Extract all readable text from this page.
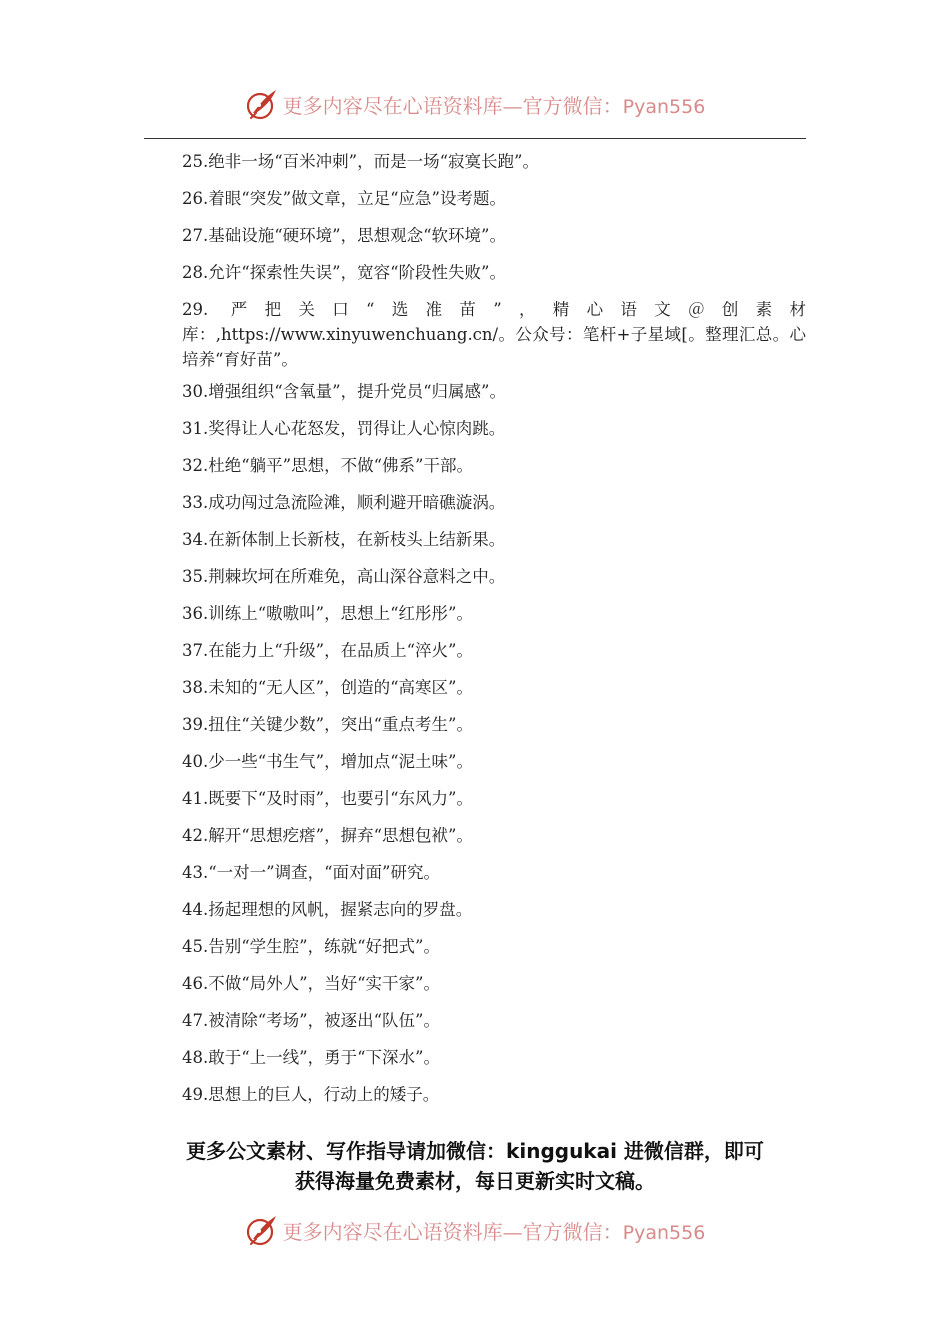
更多内容尽在心语资料库—官方微信：Pyan556
25.绝非一场“百米冲刺”，而是一场“寂寞长跑”。
26.着眼“突发”做文章，立足“应急”设考题。
27.基础设施“硬环境”，思想观念“软环境”。
28.允许“探索性失误”，宽容“阶段性失败”。
29. 严把关口“选准苗”，精心语文＠创素材库：,https://www.xinyuwenchuang.cn/。公众号：笔杆+子星域[。整理汇总。心培养“育好苗”。
30.增强组织“含氧量”，提升党员“归属感”。
31.奖得让人心花怒发，罚得让人心惊肉跳。
32.杜绝“躺平”思想，不做“佛系”干部。
33.成功闯过急流险滩，顺利避开暗礁漩涡。
34.在新体制上长新枝，在新枝头上结新果。
35.荆棘坎坷在所难免，高山深谷意料之中。
36.训练上“嗷嗷叫”，思想上“红彤彤”。
37.在能力上“升级”，在品质上“淬火”。
38.未知的“无人区”，创造的“高寒区”。
39.扭住“关键少数”，突出“重点考生”。
40.少一些“书生气”，增加点“泥土味”。
41.既要下“及时雨”，也要引“东风力”。
42.解开“思想疙瘩”，摒弃“思想包袱”。
43.“一对一”调查，“面对面”研究。
44.扬起理想的风帆，握紧志向的罗盘。
45.告别“学生腔”，练就“好把式”。
46.不做“局外人”，当好“实干家”。
47.被清除“考场”，被逐出“队伍”。
48.敢于“上一线”，勇于“下深水”。
49.思想上的巨人，行动上的矮子。
更多公文素材、写作指导请加微信：kinggukai 进微信群，即可
获得海量免费素材，每日更新实时文稿。
更多内容尽在心语资料库—官方微信：Pyan556
